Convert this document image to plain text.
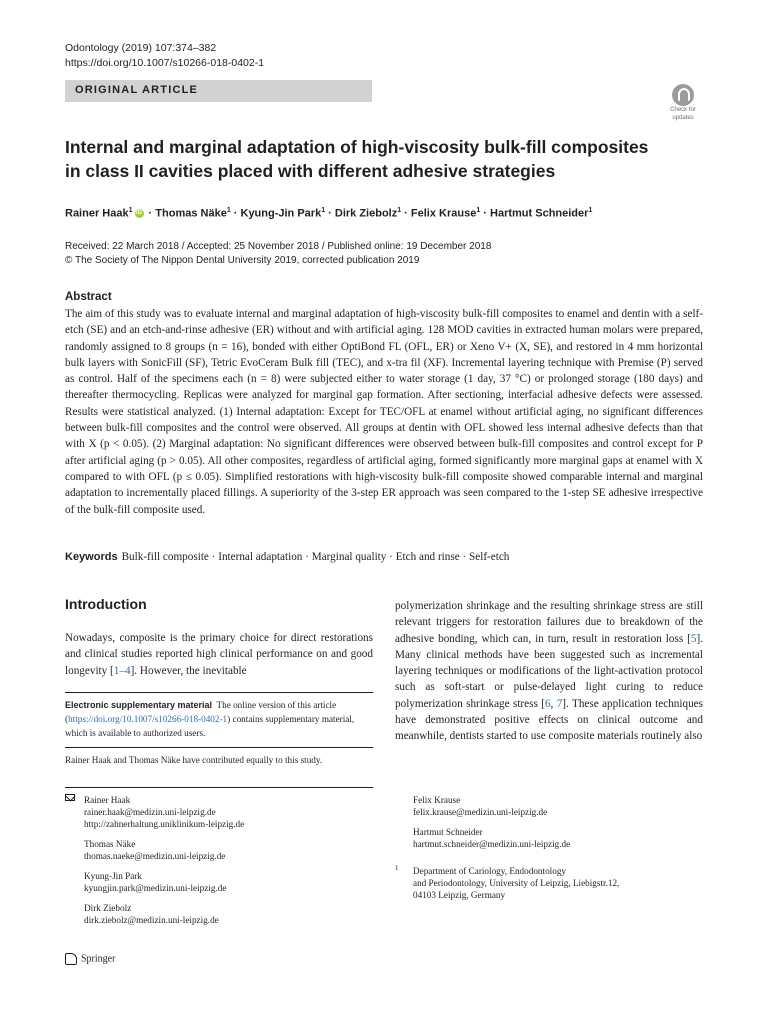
Odontology (2019) 107:374–382
https://doi.org/10.1007/s10266-018-0402-1
ORIGINAL ARTICLE
Check for
updates
Internal and marginal adaptation of high-viscosity bulk-fill composites
in class II cavities placed with different adhesive strategies
Rainer Haak$^1$ iD · Thomas Näke$^1$ · Kyung-Jin Park$^1$ · Dirk Ziebolz$^1$ · Felix Krause$^1$ · Hartmut Schneider$^1$
Received: 22 March 2018 / Accepted: 25 November 2018 / Published online: 19 December 2018
© The Society of The Nippon Dental University 2019, corrected publication 2019
Abstract
The aim of this study was to evaluate internal and marginal adaptation of high-viscosity bulk-fill composites to enamel and dentin with a self-etch (SE) and an etch-and-rinse adhesive (ER) without and with artificial aging. 128 MOD cavities in extracted human molars were prepared, randomly assigned to 8 groups (n = 16), bonded with either OptiBond FL (OFL, ER) or Xeno V+ (X, SE), and restored in 4 mm horizontal bulk layers with SonicFill (SF), Tetric EvoCeram Bulk fill (TEC), and x-tra fil (XF). Incremental layering technique with Premise (P) served as control. Half of the specimens each (n = 8) were subjected either to water storage (1 day, 37 °C) or prolonged storage (180 days) and thereafter thermocycling. Replicas were analyzed for marginal gap formation. After sectioning, interfacial adhesive defects were assessed. Results were statistical analyzed. (1) Internal adaptation: Except for TEC/OFL at enamel without artificial aging, no significant differences between bulk-fill composites and the control were observed. All groups at dentin with OFL showed less internal adhesive defects than that with X (p < 0.05). (2) Marginal adaptation: No significant differences were observed between bulk-fill composites and control except for P after artificial aging (p > 0.05). All other composites, regardless of artificial aging, formed significantly more marginal gaps at enamel with X compared to with OFL (p ≤ 0.05). Simplified restorations with high-viscosity bulk-fill composite showed comparable internal and marginal adaptation to incrementally placed fillings. A superiority of the 3-step ER approach was seen compared to the 1-step SE adhesive irrespective of the bulk-fill composite used.
Keywords Bulk-fill composite · Internal adaptation · Marginal quality · Etch and rinse · Self-etch
Introduction
Nowadays, composite is the primary choice for direct restorations and clinical studies reported high clinical performance on and good longevity [1–4]. However, the inevitable
polymerization shrinkage and the resulting shrinkage stress are still relevant triggers for restoration failures due to breakdown of the adhesive bonding, which can, in turn, result in restoration loss [5]. Many clinical methods have been suggested such as incremental layering techniques or modifications of the light-activation protocol such as soft-start or pulse-delayed light curing to reduce polymerization shrinkage stress [6, 7]. These application techniques have demonstrated positive effects on clinical outcome and meanwhile, dentists started to use composite materials routinely also
Electronic supplementary material The online version of this article (https://doi.org/10.1007/s10266-018-0402-1) contains supplementary material, which is available to authorized users.
Rainer Haak and Thomas Näke have contributed equally to this study.
Rainer Haak
rainer.haak@medizin.uni-leipzig.de
http://zahnerhaltung.uniklinikum-leipzig.de
Thomas Näke
thomas.naeke@medizin.uni-leipzig.de
Kyung-Jin Park
kyungjin.park@medizin.uni-leipzig.de
Dirk Ziebolz
dirk.ziebolz@medizin.uni-leipzig.de
Felix Krause
felix.krause@medizin.uni-leipzig.de
Hartmut Schneider
hartmut.schneider@medizin.uni-leipzig.de
1 Department of Cariology, Endodontology
and Periodontology, University of Leipzig, Liebigstr.12,
04103 Leipzig, Germany
Springer
